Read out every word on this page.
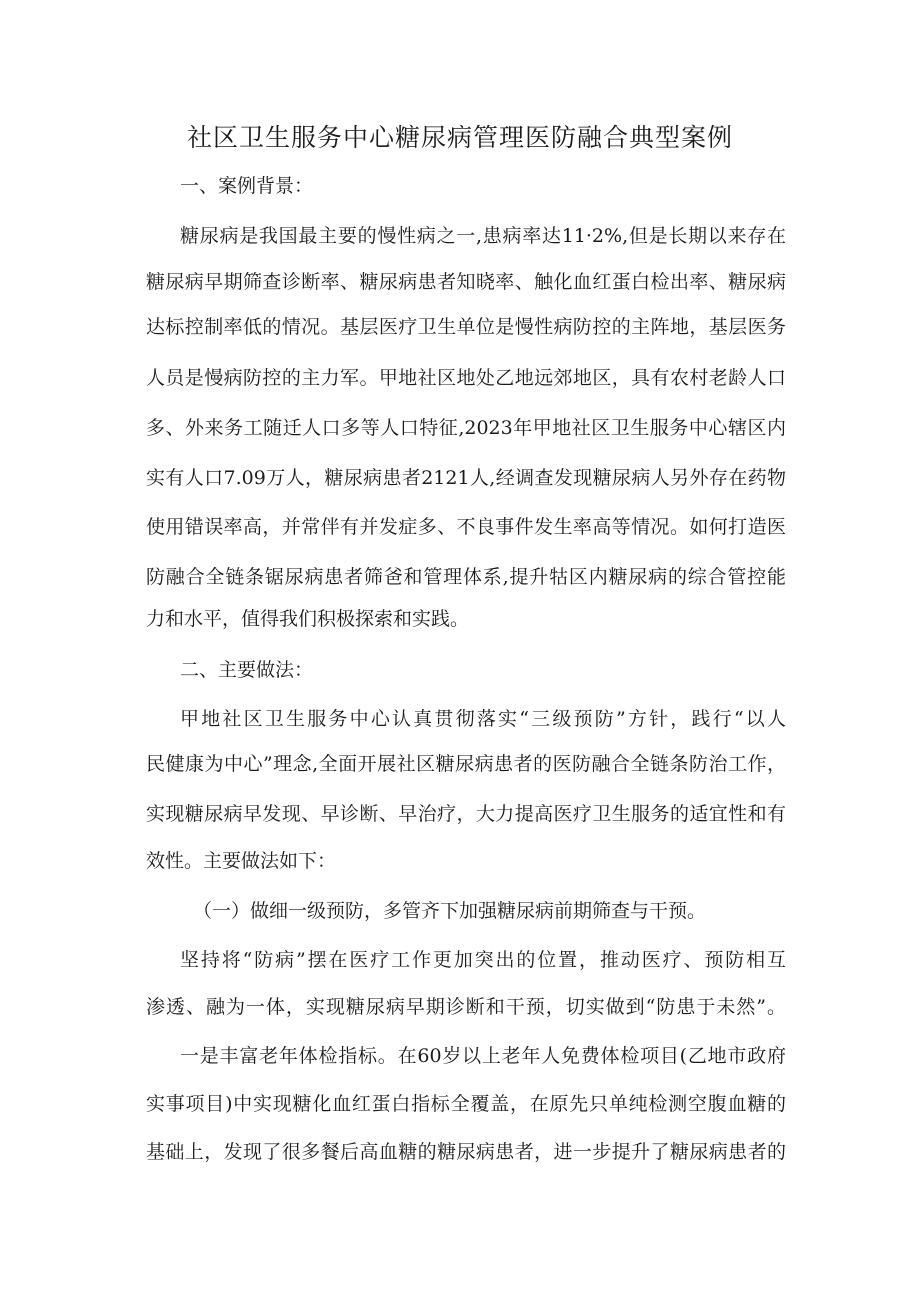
社区卫生服务中心糖尿病管理医防融合典型案例
一、案例背景：
糖尿病是我国最主要的慢性病之一,患病率达11·2%,但是长期以来存在
糖尿病早期筛查诊断率、糖尿病患者知晓率、触化血红蛋白检出率、糖尿病
达标控制率低的情况。基层医疗卫生单位是慢性病防控的主阵地，基层医务
人员是慢病防控的主力军。甲地社区地处乙地远郊地区，具有农村老龄人口
多、外来务工随迁人口多等人口特征,2023年甲地社区卫生服务中心辖区内
实有人口7.09万人，糖尿病患者2121人,经调查发现糖尿病人另外存在药物
使用错误率高，并常伴有并发症多、不良事件发生率高等情况。如何打造医
防融合全链条锯尿病患者筛爸和管理体系,提升牯区内糖尿病的综合管控能
力和水平，值得我们积极探索和实践。
二、主要做法：
甲地社区卫生服务中心认真贯彻落实“三级预防”方针，践行“以人
民健康为中心”理念,全面开展社区糖尿病患者的医防融合全链条防治工作，
实现糖尿病早发现、早诊断、早治疗，大力提高医疗卫生服务的适宜性和有
效性。主要做法如下：
（一）做细一级预防，多管齐下加强糖尿病前期筛查与干预。
坚持将“防病”摆在医疗工作更加突出的位置，推动医疗、预防相互
渗透、融为一体，实现糖尿病早期诊断和干预，切实做到“防患于未然”。
一是丰富老年体检指标。在60岁以上老年人免费体检项目(乙地市政府
实事项目)中实现糖化血红蛋白指标全覆盖，在原先只单纯检测空腹血糖的
基础上，发现了很多餐后高血糖的糖尿病患者，进一步提升了糖尿病患者的
